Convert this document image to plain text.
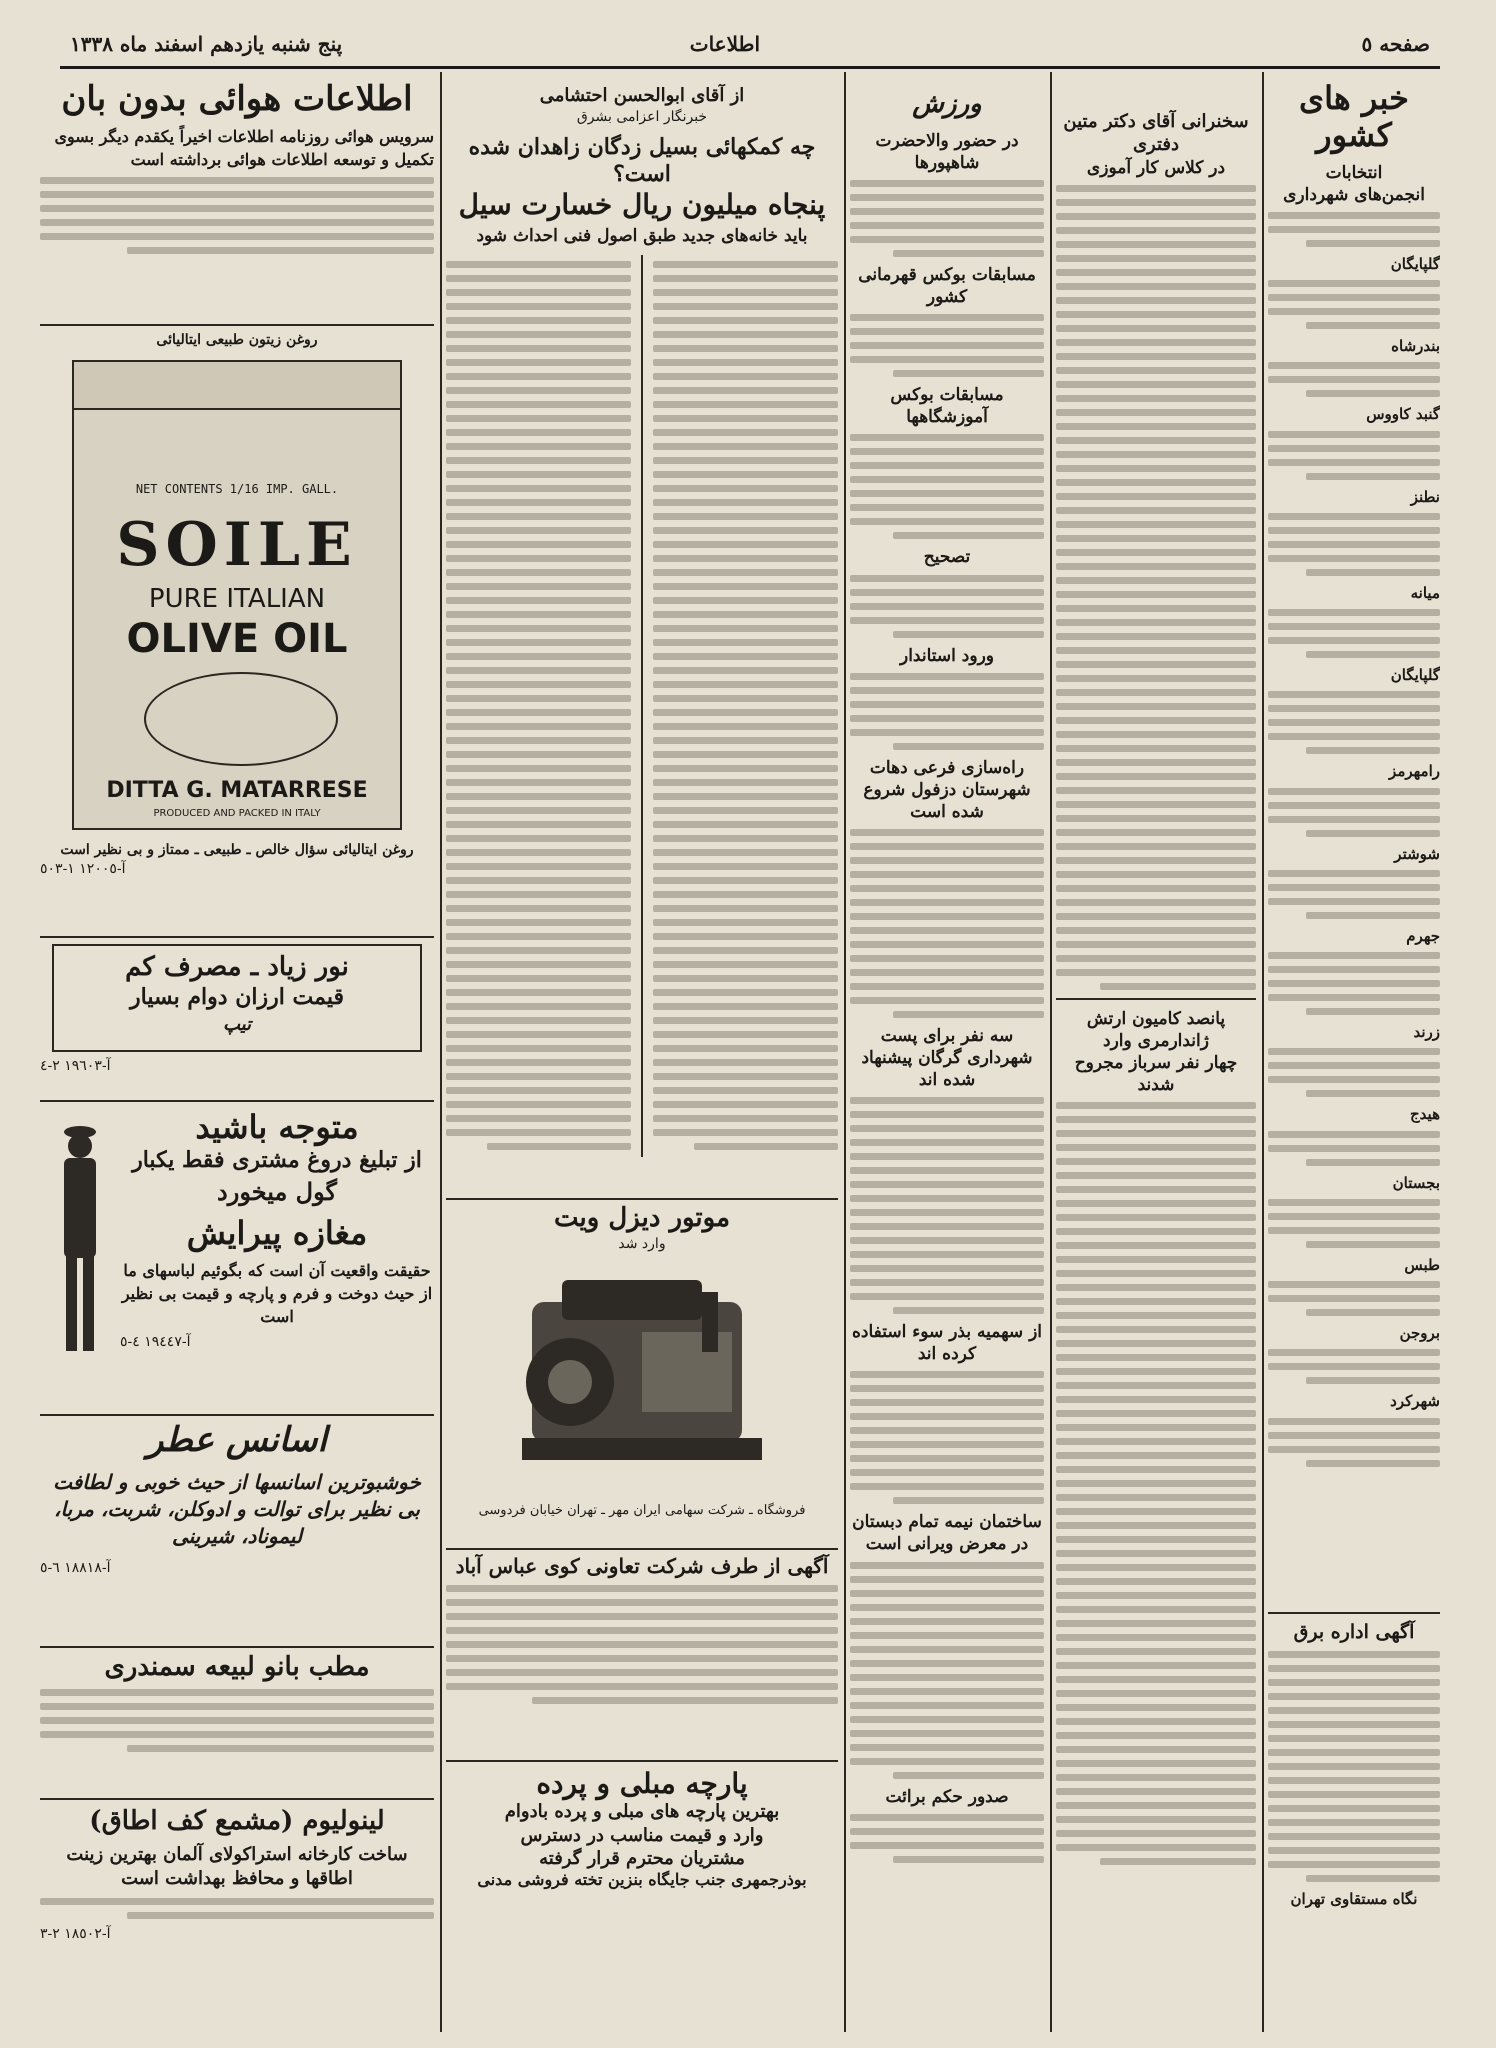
صفحه ٥
اطلاعات
پنج شنبه یازدهم اسفند ماه ۱۳۳۸
خبر های کشور
انتخابات
انجمن‌های شهرداری
گلپایگان
بندرشاه
گنبد کاووس
نطنز
میانه
گلپایگان
رامهرمز
شوشتر
جهرم
زرند
هیدج
بجستان
طبس
بروجن
شهرکرد
آگهی اداره برق
نگاه مستقاوی تهران
سخنرانی آقای دکتر متین دفتری
در کلاس کار آموزی
پانصد کامیون ارتش ژاندارمری وارد
چهار نفر سرباز مجروح شدند
ورزش
در حضور والاحضرت شاهپورها
مسابقات بوکس قهرمانی کشور
مسابقات بوکس آموزشگاهها
تصحیح
ورود استاندار
راه‌سازی فرعی دهات شهرستان دزفول شروع شده است
سه نفر برای پست شهرداری گرگان پیشنهاد شده اند
از سهمیه بذر سوء استفاده کرده اند
ساختمان نیمه تمام دبستان در معرض ویرانی است
صدور حکم برائت
از آقای ابوالحسن احتشامی
خبرنگار اعزامی بشرق
چه کمکهائی بسیل زدگان زاهدان شده است؟
پنجاه میلیون ریال خسارت سیل
باید خانه‌های جدید طبق اصول فنی احداث شود
موتور دیزل ویت
وارد شد
فروشگاه ـ شرکت سهامی ایران مهر ـ تهران خیابان فردوسی
آگهی از طرف شرکت تعاونی کوی عباس آباد
پارچه مبلی و پرده
بهترین پارچه های مبلی و پرده بادوام
وارد و قیمت مناسب در دسترس
مشتریان محترم قرار گرفته
بوذرجمهری جنب جایگاه بنزین تخته فروشی مدنی
اطلاعات هوائی بدون بان
سرویس هوائی روزنامه اطلاعات اخیراً یکقدم دیگر بسوی تکمیل و توسعه اطلاعات هوائی برداشته است
روغن زیتون طبیعی ایتالیائی
NET CONTENTS 1/16 IMP. GALL.
SOILE
PURE ITALIAN
OLIVE OIL
DITTA G. MATARRESE
PRODUCED AND PACKED IN ITALY
روغن ایتالیائی سؤال خالص ـ طبیعی ـ ممتاز و بی نظیر است
آ-١٢٠٠٥ ١-٥٠٣
نور زیاد ـ مصرف کم
قیمت ارزان دوام بسیار
تیپ
آ-١٩٦٠٣ ٢-٤
متوجه باشید
از تبلیغ دروغ مشتری فقط یکبار
گول میخورد
مغازه پیرایش
حقیقت واقعیت آن است که بگوئیم لباسهای ما از حیث دوخت و فرم و پارچه و قیمت بی نظیر است
آ-١٩٤٤٧ ٤-٥
اسانس عطر
خوشبوترین اسانسها از حیث خوبی و لطافت بی نظیر برای توالت و ادوکلن، شربت، مربا، لیموناد، شیرینی
آ-١٨٨١٨ ٦-٥
مطب بانو لبیعه سمندری
لینولیوم (مشمع کف اطاق)
ساخت کارخانه استراکولای آلمان بهترین زینت اطاقها و محافظ بهداشت است
آ-١٨٥٠٢ ٢-٣
